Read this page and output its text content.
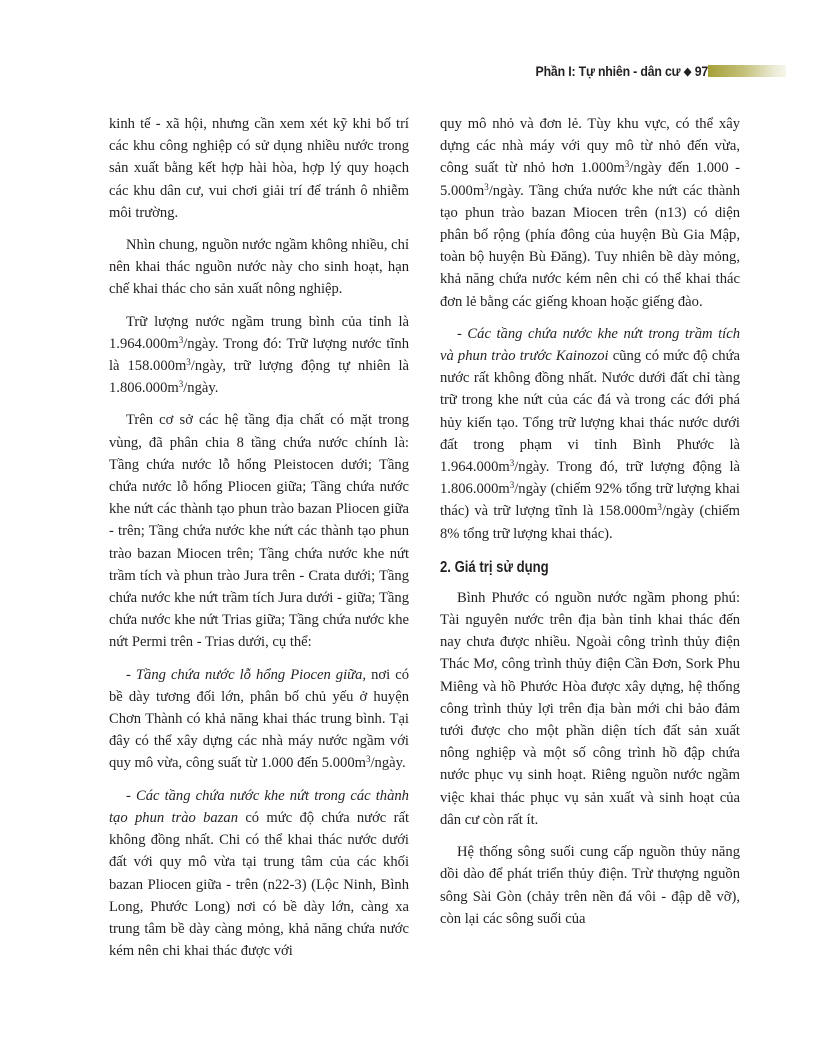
Phần I: Tự nhiên - dân cư ◆ 97

kinh tế - xã hội, nhưng cần xem xét kỹ khi bố trí các khu công nghiệp có sử dụng nhiều nước trong sản xuất bằng kết hợp hài hòa, hợp lý quy hoạch các khu dân cư, vui chơi giải trí để tránh ô nhiễm môi trường.

Nhìn chung, nguồn nước ngầm không nhiều, chỉ nên khai thác nguồn nước này cho sinh hoạt, hạn chế khai thác cho sản xuất nông nghiệp.

Trữ lượng nước ngầm trung bình của tỉnh là $1.964.000m^3$/ngày. Trong đó: Trữ lượng nước tĩnh là $158.000m^3$/ngày, trữ lượng động tự nhiên là $1.806.000m^3$/ngày.

Trên cơ sở các hệ tầng địa chất có mặt trong vùng, đã phân chia 8 tầng chứa nước chính là: Tầng chứa nước lỗ hổng Pleistocen dưới; Tầng chứa nước lỗ hổng Pliocen giữa; Tầng chứa nước khe nứt các thành tạo phun trào bazan Pliocen giữa - trên; Tầng chứa nước khe nứt các thành tạo phun trào bazan Miocen trên; Tầng chứa nước khe nứt trầm tích và phun trào Jura trên - Crata dưới; Tầng chứa nước khe nứt trầm tích Jura dưới - giữa; Tầng chứa nước khe nứt Trias giữa; Tầng chứa nước khe nứt Permi trên - Trias dưới, cụ thể:

- Tầng chứa nước lỗ hổng Piocen giữa, nơi có bề dày tương đối lớn, phân bố chủ yếu ở huyện Chơn Thành có khả năng khai thác trung bình. Tại đây có thể xây dựng các nhà máy nước ngầm với quy mô vừa, công suất từ 1.000 đến $5.000m^3$/ngày.

- Các tầng chứa nước khe nứt trong các thành tạo phun trào bazan có mức độ chứa nước rất không đồng nhất. Chi có thể khai thác nước dưới đất với quy mô vừa tại trung tâm của các khối bazan Pliocen giữa - trên (n22-3) (Lộc Ninh, Bình Long, Phước Long) nơi có bề dày lớn, càng xa trung tâm bề dày càng mỏng, khả năng chứa nước kém nên chi khai thác được với

quy mô nhỏ và đơn lẻ. Tùy khu vực, có thể xây dựng các nhà máy với quy mô từ nhỏ đến vừa, công suất từ nhỏ hơn $1.000m^3$/ngày đến $1.000 - 5.000m^3$/ngày. Tầng chứa nước khe nứt các thành tạo phun trào bazan Miocen trên (n13) có diện phân bố rộng (phía đông của huyện Bù Gia Mập, toàn bộ huyện Bù Đăng). Tuy nhiên bề dày mỏng, khả năng chứa nước kém nên chi có thể khai thác đơn lẻ bằng các giếng khoan hoặc giếng đào.

- Các tầng chứa nước khe nứt trong trầm tích và phun trào trước Kainozoi cũng có mức độ chứa nước rất không đồng nhất. Nước dưới đất chỉ tàng trữ trong khe nứt của các đá và trong các đới phá hủy kiến tạo. Tổng trữ lượng khai thác nước dưới đất trong phạm vi tỉnh Bình Phước là $1.964.000m^3$/ngày. Trong đó, trữ lượng động là $1.806.000m^3$/ngày (chiếm 92% tổng trữ lượng khai thác) và trữ lượng tĩnh là $158.000m^3$/ngày (chiếm 8% tổng trữ lượng khai thác).

2. Giá trị sử dụng

Bình Phước có nguồn nước ngầm phong phú: Tài nguyên nước trên địa bàn tỉnh khai thác đến nay chưa được nhiều. Ngoài công trình thủy điện Thác Mơ, công trình thủy điện Cần Đơn, Sork Phu Miêng và hồ Phước Hòa được xây dựng, hệ thống công trình thủy lợi trên địa bàn mới chi bảo đảm tưới được cho một phần diện tích đất sản xuất nông nghiệp và một số công trình hồ đập chứa nước phục vụ sinh hoạt. Riêng nguồn nước ngầm việc khai thác phục vụ sản xuất và sinh hoạt của dân cư còn rất ít.

Hệ thống sông suối cung cấp nguồn thủy năng dồi dào để phát triển thủy điện. Trừ thượng nguồn sông Sài Gòn (chảy trên nền đá vôi - đập dễ vỡ), còn lại các sông suối của
